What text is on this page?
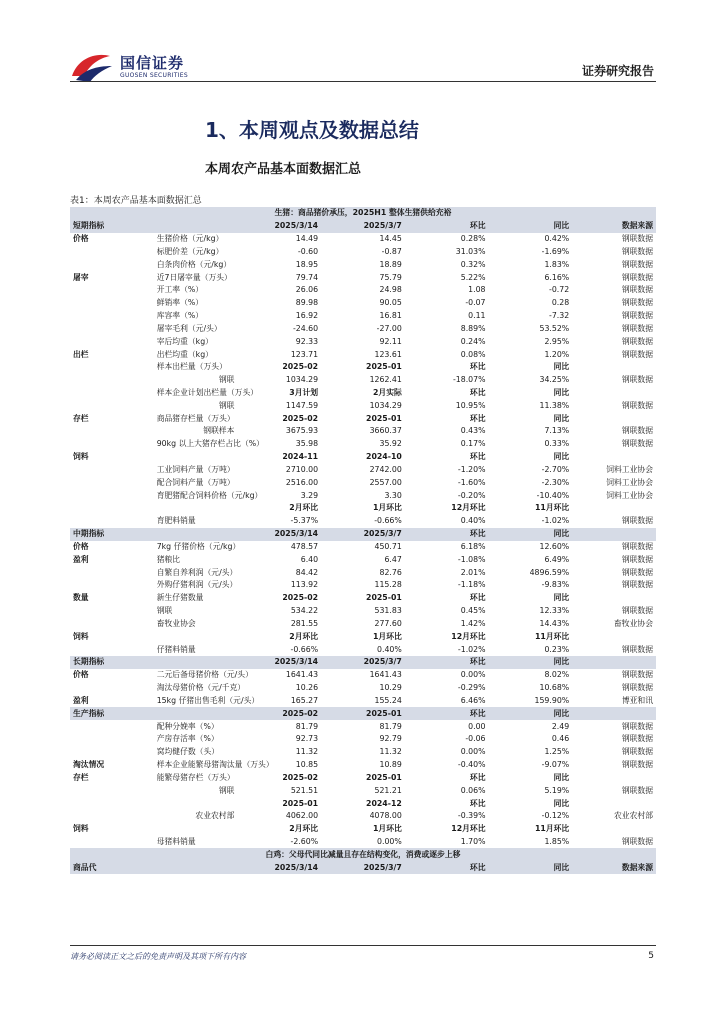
国信证券
GUOSEN SECURITIES	证券研究报告
1、本周观点及数据总结
本周农产品基本面数据汇总
表1：本周农产品基本面数据汇总
生猪：商品猪价承压，2025H1 整体生猪供给充裕						
短期指标		2025/3/14	2025/3/7	环比	同比	数据来源
价格	生猪价格（元/kg）	14.49	14.45	0.28%	0.42%	钢联数据
	标肥价差（元/kg）	-0.60	-0.87	31.03%	-1.69%	钢联数据
	白条肉价格（元/kg）	18.95	18.89	0.32%	1.83%	钢联数据
屠宰	近7日屠宰量（万头）	79.74	75.79	5.22%	6.16%	钢联数据
	开工率（%）	26.06	24.98	1.08	-0.72	钢联数据
	鲜销率（%）	89.98	90.05	-0.07	0.28	钢联数据
	库容率（%）	16.92	16.81	0.11	-7.32	钢联数据
	屠宰毛利（元/头）	-24.60	-27.00	8.89%	53.52%	钢联数据
	宰后均重（kg）	92.33	92.11	0.24%	2.95%	钢联数据
出栏	出栏均重（kg）	123.71	123.61	0.08%	1.20%	钢联数据
	样本出栏量（万头）	2025-02	2025-01	环比	同比	
	钢联	1034.29	1262.41	-18.07%	34.25%	钢联数据
	样本企业计划出栏量（万头）	3月计划	2月实际	环比	同比	
	钢联	1147.59	1034.29	10.95%	11.38%	钢联数据
存栏	商品猪存栏量（万头）	2025-02	2025-01	环比	同比	
	钢联样本	3675.93	3660.37	0.43%	7.13%	钢联数据
	90kg 以上大猪存栏占比（%）	35.98	35.92	0.17%	0.33%	钢联数据
饲料		2024-11	2024-10	环比	同比	
	工业饲料产量（万吨）	2710.00	2742.00	-1.20%	-2.70%	饲料工业协会
	配合饲料产量（万吨）	2516.00	2557.00	-1.60%	-2.30%	饲料工业协会
	育肥猪配合饲料价格（元/kg）	3.29	3.30	-0.20%	-10.40%	饲料工业协会
		2月环比	1月环比	12月环比	11月环比	
	育肥料销量	-5.37%	-0.66%	0.40%	-1.02%	钢联数据
中期指标		2025/3/14	2025/3/7	环比	同比	
价格	7kg 仔猪价格（元/kg）	478.57	450.71	6.18%	12.60%	钢联数据
盈利	猪粮比	6.40	6.47	-1.08%	6.49%	钢联数据
	自繁自养利润（元/头）	84.42	82.76	2.01%	4896.59%	钢联数据
	外购仔猪利润（元/头）	113.92	115.28	-1.18%	-9.83%	钢联数据
数量	新生仔猪数量	2025-02	2025-01	环比	同比	
	钢联	534.22	531.83	0.45%	12.33%	钢联数据
	畜牧业协会	281.55	277.60	1.42%	14.43%	畜牧业协会
饲料		2月环比	1月环比	12月环比	11月环比	
	仔猪料销量	-0.66%	0.40%	-1.02%	0.23%	钢联数据
长期指标		2025/3/14	2025/3/7	环比	同比	
价格	二元后备母猪价格（元/头）	1641.43	1641.43	0.00%	8.02%	钢联数据
	淘汰母猪价格（元/千克）	10.26	10.29	-0.29%	10.68%	钢联数据
盈利	15kg 仔猪出售毛利（元/头）	165.27	155.24	6.46%	159.90%	博亚和讯
生产指标		2025-02	2025-01	环比	同比	
	配种分娩率（%）	81.79	81.79	0.00	2.49	钢联数据
	产房存活率（%）	92.73	92.79	-0.06	0.46	钢联数据
	窝均健仔数（头）	11.32	11.32	0.00%	1.25%	钢联数据
淘汰情况	样本企业能繁母猪淘汰量（万头）	10.85	10.89	-0.40%	-9.07%	钢联数据
存栏	能繁母猪存栏（万头）	2025-02	2025-01	环比	同比	
	钢联	521.51	521.21	0.06%	5.19%	钢联数据
		2025-01	2024-12	环比	同比	
	农业农村部	4062.00	4078.00	-0.39%	-0.12%	农业农村部
饲料		2月环比	1月环比	12月环比	11月环比	
	母猪料销量	-2.60%	0.00%	1.70%	1.85%	钢联数据
白鸡：父母代同比减量且存在结构变化，消费或逐步上移						
商品代		2025/3/14	2025/3/7	环比	同比	数据来源
请务必阅读正文之后的免责声明及其项下所有内容	5
